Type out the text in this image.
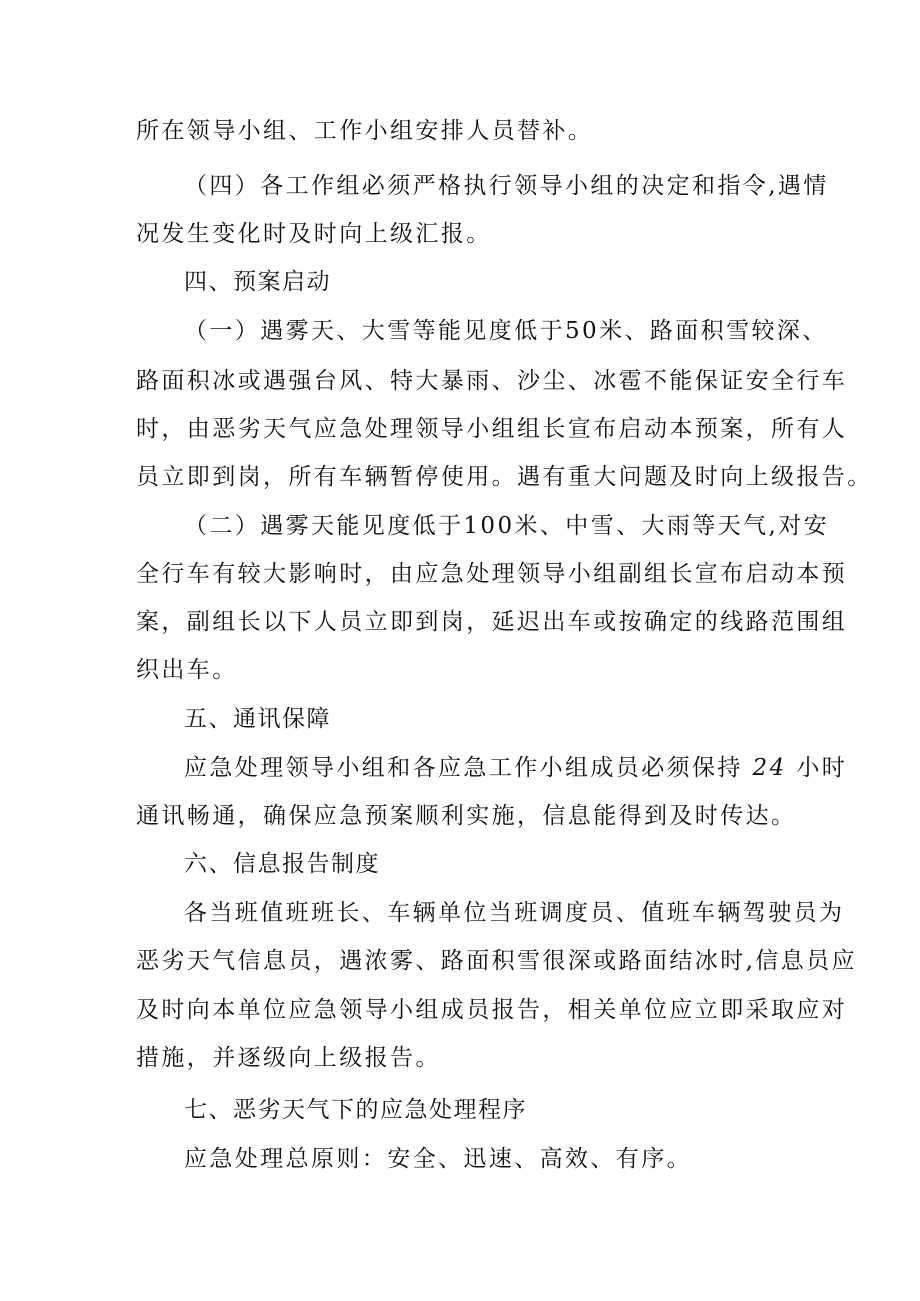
所在领导小组、工作小组安排人员替补。
（四）各工作组必须严格执行领导小组的决定和指令,遇情
况发生变化时及时向上级汇报。
四、预案启动
（一）遇雾天、大雪等能见度低于50米、路面积雪较深、
路面积冰或遇强台风、特大暴雨、沙尘、冰雹不能保证安全行车
时，由恶劣天气应急处理领导小组组长宣布启动本预案，所有人
员立即到岗，所有车辆暂停使用。遇有重大问题及时向上级报告。
（二）遇雾天能见度低于100米、中雪、大雨等天气,对安
全行车有较大影响时，由应急处理领导小组副组长宣布启动本预
案，副组长以下人员立即到岗，延迟出车或按确定的线路范围组
织出车。
五、通讯保障
应急处理领导小组和各应急工作小组成员必须保持 24 小时
通讯畅通，确保应急预案顺利实施，信息能得到及时传达。
六、信息报告制度
各当班值班班长、车辆单位当班调度员、值班车辆驾驶员为
恶劣天气信息员，遇浓雾、路面积雪很深或路面结冰时,信息员应
及时向本单位应急领导小组成员报告，相关单位应立即采取应对
措施，并逐级向上级报告。
七、恶劣天气下的应急处理程序
应急处理总原则：安全、迅速、高效、有序。
